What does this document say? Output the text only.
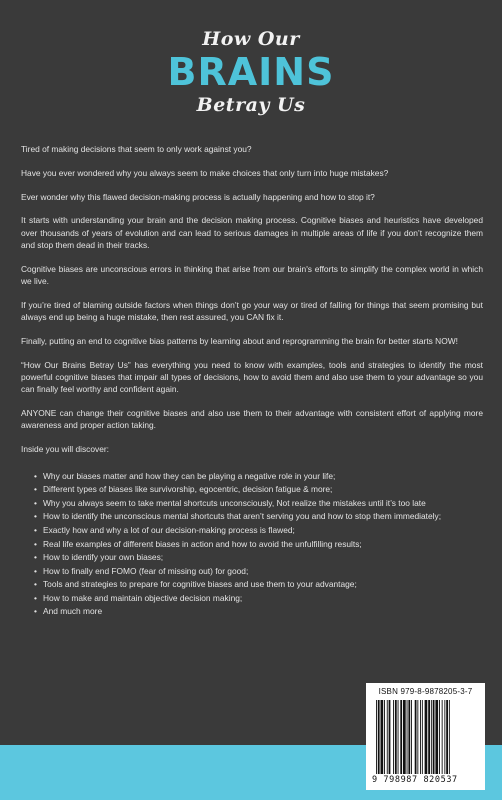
How Our
BRAINS
Betray Us

Tired of making decisions that seem to only work against you?

Have you ever wondered why you always seem to make choices that only turn into huge mistakes?

Ever wonder why this flawed decision-making process is actually happening and how to stop it?

It starts with understanding your brain and the decision making process. Cognitive biases and heuristics have developed over thousands of years of evolution and can lead to serious damages in multiple areas of life if you don’t recognize them and stop them dead in their tracks.

Cognitive biases are unconscious errors in thinking that arise from our brain's efforts to simplify the complex world in which we live.

If you’re tired of blaming outside factors when things don’t go your way or tired of falling for things that seem promising but always end up being a huge mistake, then rest assured, you CAN fix it.

Finally, putting an end to cognitive bias patterns by learning about and reprogramming the brain for better starts NOW!

“How Our Brains Betray Us” has everything you need to know with examples, tools and strategies to identify the most powerful cognitive biases that impair all types of decisions, how to avoid them and also use them to your advantage so you can finally feel worthy and confident again.

ANYONE can change their cognitive biases and also use them to their advantage with consistent effort of applying more awareness and proper action taking.

Inside you will discover:

• Why our biases matter and how they can be playing a negative role in your life;
• Different types of biases like survivorship, egocentric, decision fatigue & more;
• Why you always seem to take mental shortcuts unconsciously, Not realize the mistakes until it’s too late
• How to identify the unconscious mental shortcuts that aren’t serving you and how to stop them immediately;
• Exactly how and why a lot of our decision-making process is flawed;
• Real life examples of different biases in action and how to avoid the unfulfilling results;
• How to identify your own biases;
• How to finally end FOMO (fear of missing out) for good;
• Tools and strategies to prepare for cognitive biases and use them to your advantage;
• How to make and maintain objective decision making;
• And much more
ISBN 979-8-9878205-3-7
9 798987 820537
